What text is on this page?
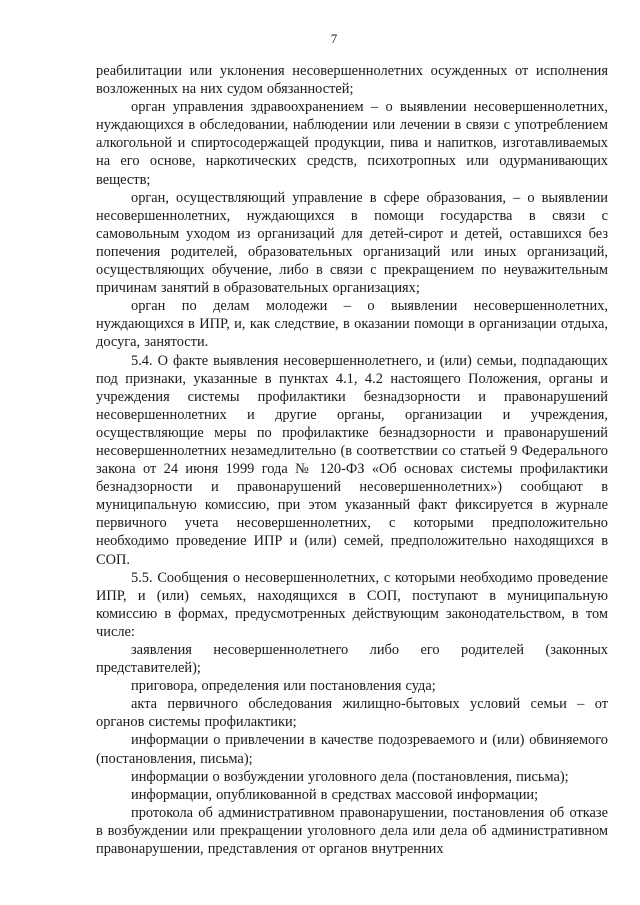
7

реабилитации или уклонения несовершеннолетних осужденных от исполнения возложенных на них судом обязанностей;

орган управления здравоохранением – о выявлении несовершеннолетних, нуждающихся в обследовании, наблюдении или лечении в связи с употреблением алкогольной и спиртосодержащей продукции, пива и напитков, изготавливаемых на его основе, наркотических средств, психотропных или одурманивающих веществ;

орган, осуществляющий управление в сфере образования, – о выявлении несовершеннолетних, нуждающихся в помощи государства в связи с самовольным уходом из организаций для детей-сирот и детей, оставшихся без попечения родителей, образовательных организаций или иных организаций, осуществляющих обучение, либо в связи с прекращением по неуважительным причинам занятий в образовательных организациях;

орган по делам молодежи – о выявлении несовершеннолетних, нуждающихся в ИПР, и, как следствие, в оказании помощи в организации отдыха, досуга, занятости.

5.4. О факте выявления несовершеннолетнего, и (или) семьи, подпадающих под признаки, указанные в пунктах 4.1, 4.2 настоящего Положения, органы и учреждения системы профилактики безнадзорности и правонарушений несовершеннолетних и другие органы, организации и учреждения, осуществляющие меры по профилактике безнадзорности и правонарушений несовершеннолетних незамедлительно (в соответствии со статьей 9 Федерального закона от 24 июня 1999 года № 120-ФЗ «Об основах системы профилактики безнадзорности и правонарушений несовершеннолетних») сообщают в муниципальную комиссию, при этом указанный факт фиксируется в журнале первичного учета несовершеннолетних, с которыми предположительно необходимо проведение ИПР и (или) семей, предположительно находящихся в СОП.

5.5. Сообщения о несовершеннолетних, с которыми необходимо проведение ИПР, и (или) семьях, находящихся в СОП, поступают в муниципальную комиссию в формах, предусмотренных действующим законодательством, в том числе:

заявления несовершеннолетнего либо его родителей (законных представителей);

приговора, определения или постановления суда;

акта первичного обследования жилищно-бытовых условий семьи – от органов системы профилактики;

информации о привлечении в качестве подозреваемого и (или) обвиняемого (постановления, письма);

информации о возбуждении уголовного дела (постановления, письма);

информации, опубликованной в средствах массовой информации;

протокола об административном правонарушении, постановления об отказе в возбуждении или прекращении уголовного дела или дела об административном правонарушении, представления от органов внутренних
